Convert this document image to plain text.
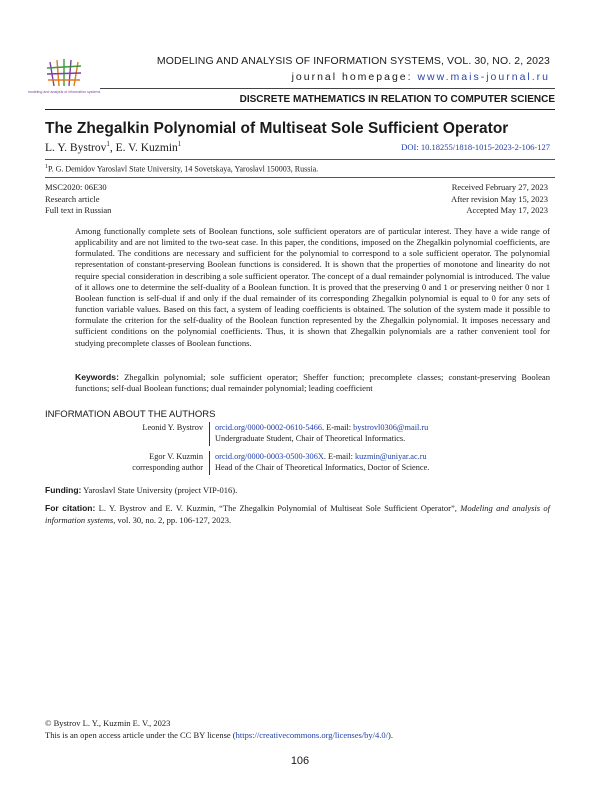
modeling and analysis of information systems
MODELING AND ANALYSIS OF INFORMATION SYSTEMS, VOL. 30, NO. 2, 2023
journal homepage: www.mais-journal.ru
DISCRETE MATHEMATICS IN RELATION TO COMPUTER SCIENCE
The Zhegalkin Polynomial of Multiseat Sole Sufficient Operator
L. Y. Bystrov$^1$, E. V. Kuzmin$^1$	DOI: 10.18255/1818-1015-2023-2-106-127
$^1$P. G. Demidov Yaroslavl State University, 14 Sovetskaya, Yaroslavl 150003, Russia.
MSC2020: 06E30
Research article
Full text in Russian
Received February 27, 2023
After revision May 15, 2023
Accepted May 17, 2023
Among functionally complete sets of Boolean functions, sole sufficient operators are of particular interest. They have a wide range of applicability and are not limited to the two-seat case. In this paper, the conditions, imposed on the Zhegalkin polynomial coefficients, are formulated. The conditions are necessary and sufficient for the polynomial to correspond to a sole sufficient operator. The polynomial representation of constant-preserving Boolean functions is considered. It is shown that the properties of monotone and linearity do not require special consideration in describing a sole sufficient operator. The concept of a dual remainder polynomial is introduced. The value of it allows one to determine the self-duality of a Boolean function. It is proved that the preserving 0 and 1 or preserving neither 0 nor 1 Boolean function is self-dual if and only if the dual remainder of its corresponding Zhegalkin polynomial is equal to 0 for any sets of function variable values. Based on this fact, a system of leading coefficients is obtained. The solution of the system made it possible to formulate the criterion for the self-duality of the Boolean function represented by the Zhegalkin polynomial. It imposes necessary and sufficient conditions on the polynomial coefficients. Thus, it is shown that Zhegalkin polynomials are a rather convenient tool for studying precomplete classes of Boolean functions.
Keywords: Zhegalkin polynomial; sole sufficient operator; Sheffer function; precomplete classes; constant-preserving Boolean functions; self-dual Boolean functions; dual remainder polynomial; leading coefficient
INFORMATION ABOUT THE AUTHORS
Leonid Y. Bystrov orcid.org/0000-0002-0610-5466. E-mail: bystrovl0306@mail.ru
Undergraduate Student, Chair of Theoretical Informatics.
Egor V. Kuzmin
corresponding author
orcid.org/0000-0003-0500-306X. E-mail: kuzmin@uniyar.ac.ru
Head of the Chair of Theoretical Informatics, Doctor of Science.
Funding: Yaroslavl State University (project VIP-016).
For citation: L. Y. Bystrov and E. V. Kuzmin, “The Zhegalkin Polynomial of Multiseat Sole Sufficient Operator”, Modeling and analysis of information systems, vol. 30, no. 2, pp. 106-127, 2023.
© Bystrov L. Y., Kuzmin E. V., 2023
This is an open access article under the CC BY license (https://creativecommons.org/licenses/by/4.0/).
106
